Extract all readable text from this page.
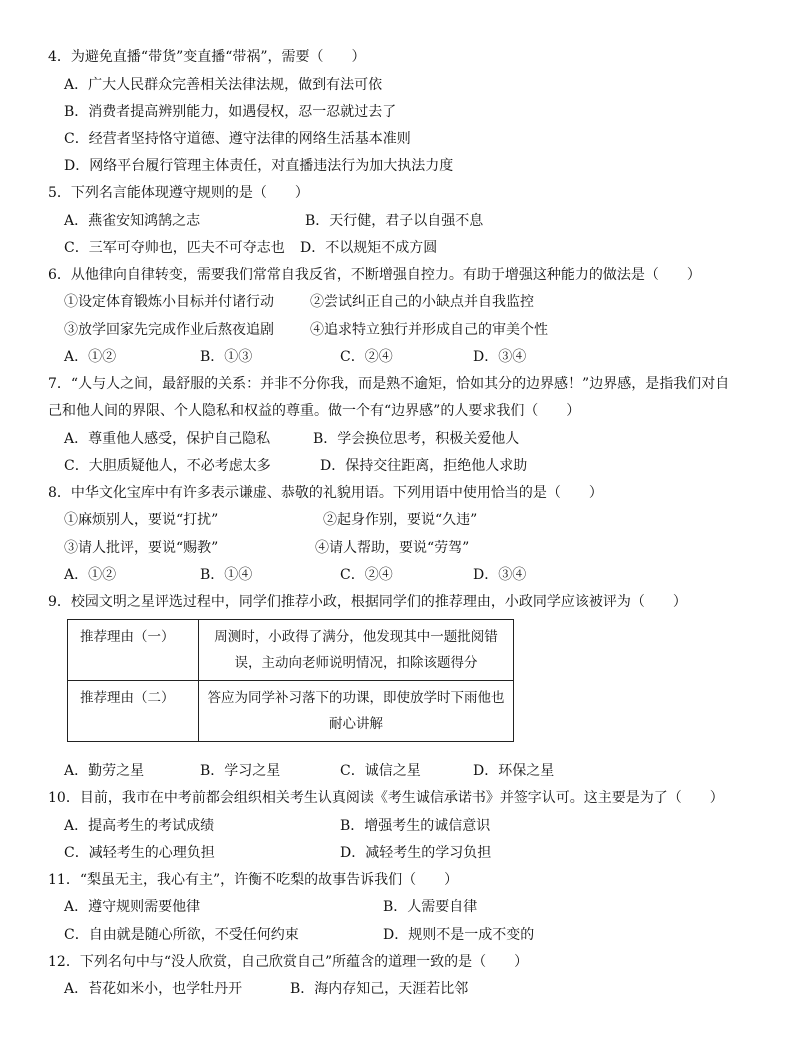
4．为避免直播“带货”变直播“带祸”，需要（　　）
A．广大人民群众完善相关法律法规，做到有法可依
B．消费者提高辨别能力，如遇侵权，忍一忍就过去了
C．经营者坚持恪守道德、遵守法律的网络生活基本准则
D．网络平台履行管理主体责任，对直播违法行为加大执法力度
5．下列名言能体现遵守规则的是（　　）
A．燕雀安知鸿鹄之志	B．天行健，君子以自强不息
C．三军可夺帅也，匹夫不可夺志也 D．不以规矩不成方圆
6．从他律向自律转变，需要我们常常自我反省，不断增强自控力。有助于增强这种能力的做法是（　　）
①设定体育锻炼小目标并付诸行动	②尝试纠正自己的小缺点并自我监控
③放学回家先完成作业后熬夜追剧	④追求特立独行并形成自己的审美个性
A．①②	B．①③	C．②④	D．③④
7．“人与人之间，最舒服的关系：并非不分你我，而是熟不逾矩，恰如其分的边界感！”边界感，是指我们对自
己和他人间的界限、个人隐私和权益的尊重。做一个有“边界感”的人要求我们（　　）
A．尊重他人感受，保护自己隐私	B．学会换位思考，积极关爱他人
C．大胆质疑他人，不必考虑太多	D．保持交往距离，拒绝他人求助
8．中华文化宝库中有许多表示谦虚、恭敬的礼貌用语。下列用语中使用恰当的是（　　）
①麻烦别人，要说“打扰”	②起身作别，要说“久违”
③请人批评，要说“赐教”	④请人帮助，要说“劳驾”
A．①②	B．①④	C．②④	D．③④
9．校园文明之星评选过程中，同学们推荐小政，根据同学们的推荐理由，小政同学应该被评为（　　）
推荐理由（一）	周测时，小政得了满分，他发现其中一题批阅错
误，主动向老师说明情况，扣除该题得分

推荐理由（二）	答应为同学补习落下的功课，即使放学时下雨他也
耐心讲解
A．勤劳之星	B．学习之星	C．诚信之星	D．环保之星
10．目前，我市在中考前都会组织相关考生认真阅读《考生诚信承诺书》并签字认可。这主要是为了（　　）
A．提高考生的考试成绩	B．增强考生的诚信意识
C．减轻考生的心理负担	D．减轻考生的学习负担
11．“梨虽无主，我心有主”，许衡不吃梨的故事告诉我们（　　）
A．遵守规则需要他律	B．人需要自律
C．自由就是随心所欲，不受任何约束	D．规则不是一成不变的
12．下列名句中与“没人欣赏，自己欣赏自己”所蕴含的道理一致的是（　　）
A．苔花如米小，也学牡丹开	B．海内存知己，天涯若比邻
